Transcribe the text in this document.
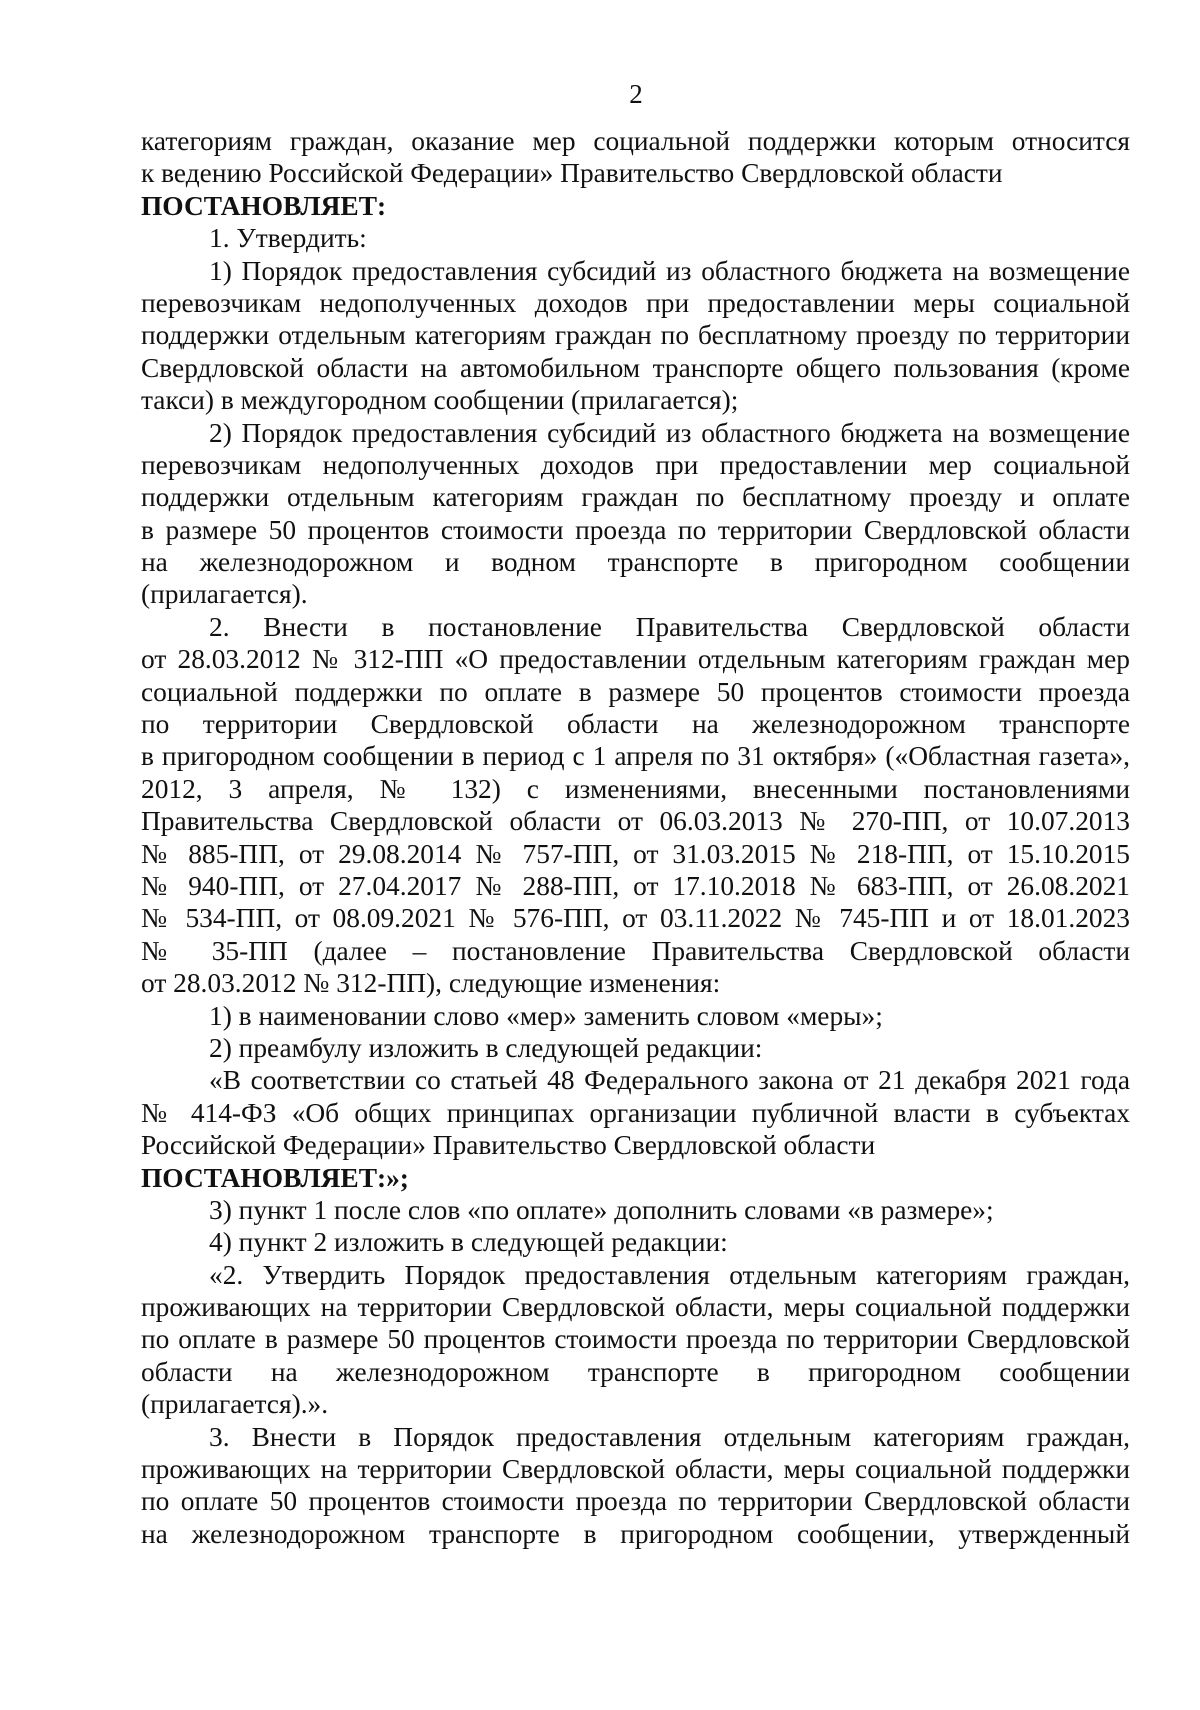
2
категориям граждан, оказание мер социальной поддержки которым относится
к ведению Российской Федерации» Правительство Свердловской области
ПОСТАНОВЛЯЕТ:
1. Утвердить:
1) Порядок предоставления субсидий из областного бюджета на возмещение
перевозчикам недополученных доходов при предоставлении меры социальной
поддержки отдельным категориям граждан по бесплатному проезду по территории
Свердловской области на автомобильном транспорте общего пользования (кроме
такси) в междугородном сообщении (прилагается);
2) Порядок предоставления субсидий из областного бюджета на возмещение
перевозчикам недополученных доходов при предоставлении мер социальной
поддержки отдельным категориям граждан по бесплатному проезду и оплате
в размере 50 процентов стоимости проезда по территории Свердловской области
на железнодорожном и водном транспорте в пригородном сообщении
(прилагается).
2. Внести в постановление Правительства Свердловской области
от 28.03.2012 № 312-ПП «О предоставлении отдельным категориям граждан мер
социальной поддержки по оплате в размере 50 процентов стоимости проезда
по территории Свердловской области на железнодорожном транспорте
в пригородном сообщении в период с 1 апреля по 31 октября» («Областная газета»,
2012, 3 апреля, № 132) с изменениями, внесенными постановлениями
Правительства Свердловской области от 06.03.2013 № 270-ПП, от 10.07.2013
№ 885-ПП, от 29.08.2014 № 757-ПП, от 31.03.2015 № 218-ПП, от 15.10.2015
№ 940-ПП, от 27.04.2017 № 288-ПП, от 17.10.2018 № 683-ПП, от 26.08.2021
№ 534-ПП, от 08.09.2021 № 576-ПП, от 03.11.2022 № 745-ПП и от 18.01.2023
№ 35-ПП (далее – постановление Правительства Свердловской области
от 28.03.2012 № 312-ПП), следующие изменения:
1) в наименовании слово «мер» заменить словом «меры»;
2) преамбулу изложить в следующей редакции:
«В соответствии со статьей 48 Федерального закона от 21 декабря 2021 года
№ 414-ФЗ «Об общих принципах организации публичной власти в субъектах
Российской Федерации» Правительство Свердловской области
ПОСТАНОВЛЯЕТ:»;
3) пункт 1 после слов «по оплате» дополнить словами «в размере»;
4) пункт 2 изложить в следующей редакции:
«2. Утвердить Порядок предоставления отдельным категориям граждан,
проживающих на территории Свердловской области, меры социальной поддержки
по оплате в размере 50 процентов стоимости проезда по территории Свердловской
области на железнодорожном транспорте в пригородном сообщении
(прилагается).».
3. Внести в Порядок предоставления отдельным категориям граждан,
проживающих на территории Свердловской области, меры социальной поддержки
по оплате 50 процентов стоимости проезда по территории Свердловской области
на железнодорожном транспорте в пригородном сообщении, утвержденный
